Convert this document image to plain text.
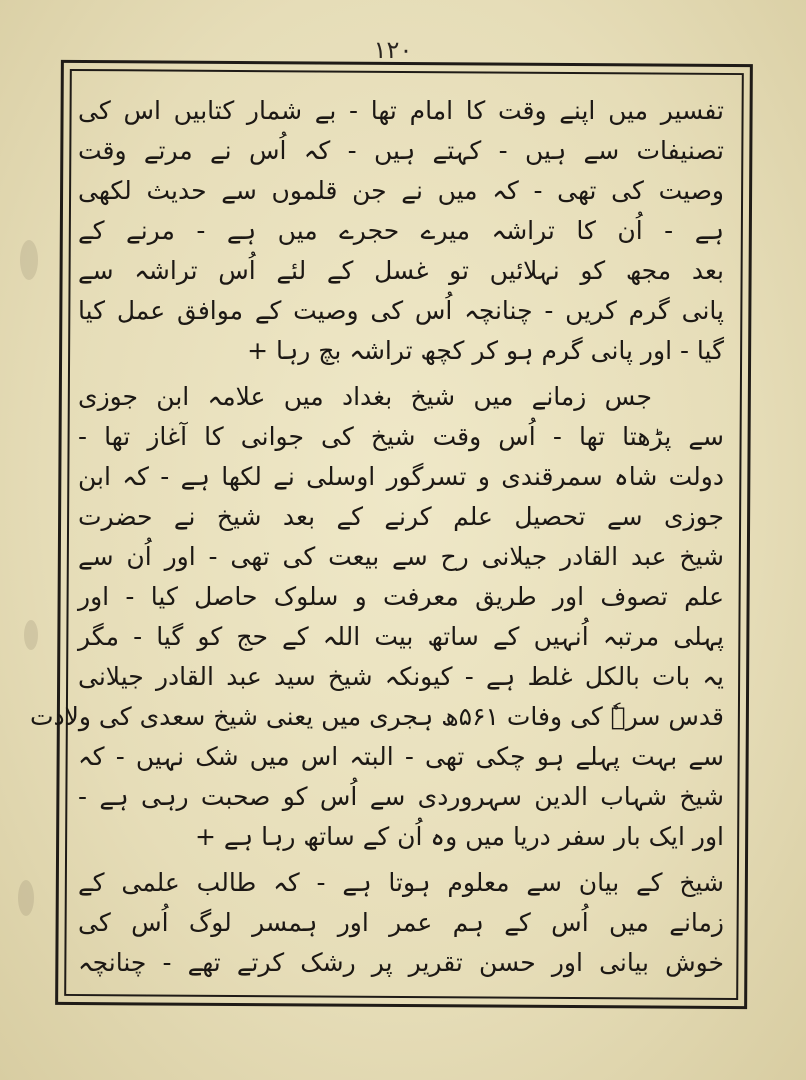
۱۲۰
تفسیر میں اپنے وقت کا امام تھا - بے شمار کتابیں اس کی
تصنیفات سے ہیں - کہتے ہیں - کہ اُس نے مرتے وقت
وصیت کی تھی - کہ میں نے جن قلموں سے حدیث لکھی
ہے - اُن کا تراشہ میرے حجرے میں ہے - مرنے کے
بعد مجھ کو نہلائیں تو غسل کے لئے اُس تراشہ سے
پانی گرم کریں - چنانچہ اُس کی وصیت کے موافق عمل کیا
گیا - اور پانی گرم ہو کر کچھ تراشہ بچ رہا +
جس زمانے میں شیخ بغداد میں علامہ ابن جوزی
سے پڑھتا تھا - اُس وقت شیخ کی جوانی کا آغاز تھا -
دولت شاہ سمرقندی و تسرگور اوسلی نے لکھا ہے - کہ ابن
جوزی سے تحصیل علم کرنے کے بعد شیخ نے حضرت
شیخ عبد القادر جیلانی رح سے بیعت کی تھی - اور اُن سے
علم تصوف اور طریق معرفت و سلوک حاصل کیا - اور
پہلی مرتبہ اُنہیں کے ساتھ بیت اللہ کے حج کو گیا - مگر
یہ بات بالکل غلط ہے - کیونکہ شیخ سید عبد القادر جیلانی
قدس سرہٗ کی وفات ۵۶۱ھ ہجری میں یعنی شیخ سعدی کی ولادت
سے بہت پہلے ہو چکی تھی - البتہ اس میں شک نہیں - کہ
شیخ شہاب الدین سہروردی سے اُس کو صحبت رہی ہے -
اور ایک بار سفر دریا میں وہ اُن کے ساتھ رہا ہے +
شیخ کے بیان سے معلوم ہوتا ہے - کہ طالب علمی کے
زمانے میں اُس کے ہم عمر اور ہمسر لوگ اُس کی
خوش بیانی اور حسن تقریر پر رشک کرتے تھے - چنانچہ
